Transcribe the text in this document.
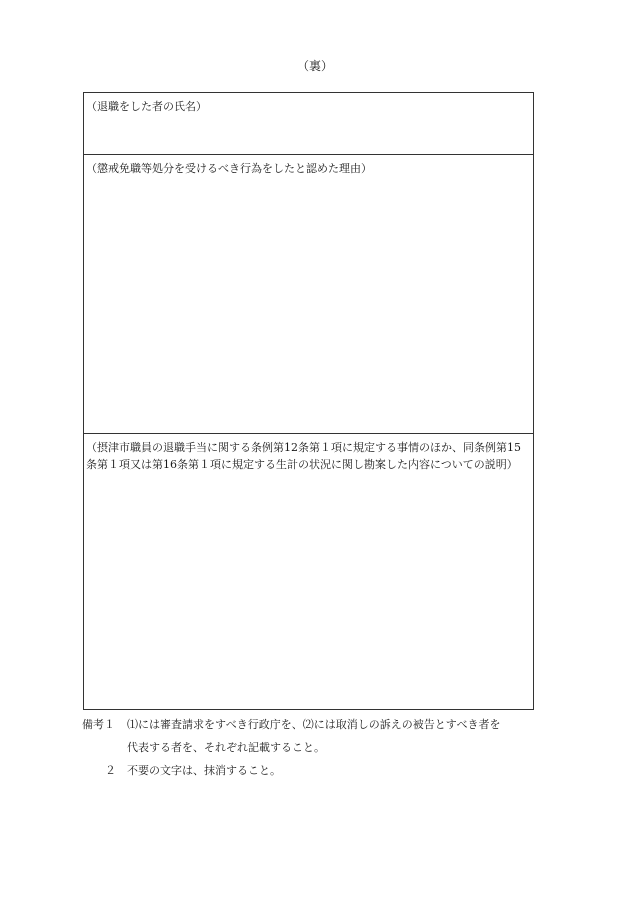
（裏）
（退職をした者の氏名）
（懲戒免職等処分を受けるべき行為をしたと認めた理由）
（摂津市職員の退職手当に関する条例第12条第１項に規定する事情のほか、同条例第15条第１項又は第16条第１項に規定する生計の状況に関し勘案した内容についての説明）
備考１ ⑴には審査請求をすべき行政庁を、⑵には取消しの訴えの被告とすべき者を
代表する者を、それぞれ記載すること。
２ 不要の文字は、抹消すること。
